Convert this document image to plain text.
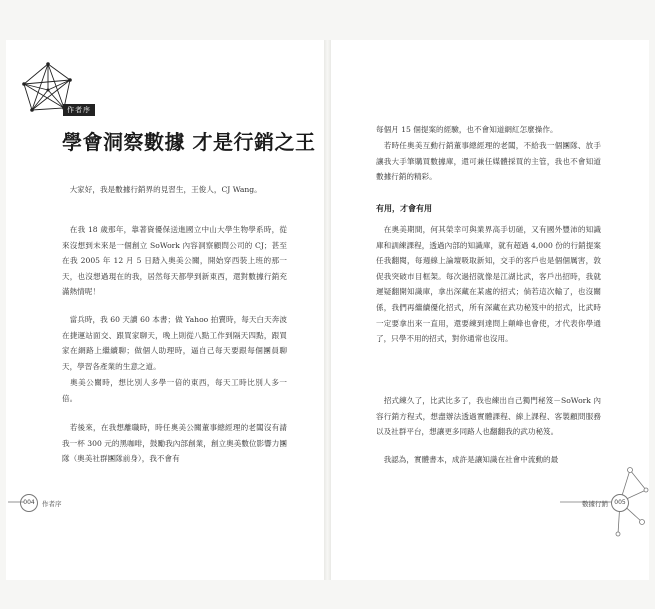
作者序
學會洞察數據 才是行銷之王

　大家好，我是數據行銷界的見習生，王俊人，CJ Wang。

　在我 18 歲那年，靠著資優保送進國立中山大學生物學系時，從來沒想到未來是一個創立 SoWork 內容洞察顧問公司的 CJ；甚至在我 2005 年 12 月 5 日踏入奧美公關，開始穿西裝上班的那一天，也沒想過現在的我，居然每天都學到新東西，還對數據行銷充滿熱情呢！

　當兵時，我 60 天讀 60 本書；做 Yahoo 拍賣時，每天白天奔波在捷運站面交、跟買家聊天，晚上則從八點工作到隔天四點，跟買家在網路上繼續聊；做個人助理時，逼自己每天要跟每個團員聊天，學習各產業的生意之道。

　奧美公關時，想比別人多學一倍的東西，每天工時比別人多一倍。

　若後來，在我想離職時，時任奧美公關董事總經理的老闆沒有請我一杯 300 元的黑咖啡，鼓勵我內部創業，創立奧美數位影響力團隊（奧美社群團隊前身），我不會有

004	作者序

每個月 15 個提案的經驗，也不會知道網紅怎麼操作。

　若時任奧美互動行銷董事總經理的老闆，不給我一個團隊、放手讓我大手筆購買數據庫，還可兼任媒體採買的主管，我也不會知道數據行銷的精彩。

有用，才會有用

　在奧美期間，何其榮幸可與業界高手切磋，又有國外豐沛的知識庫和訓練課程，透過內部的知識庫，就有超過 4,000 份的行銷提案任我翻閱，每週線上論壇吸取新知，交手的客戶也是個個厲害，敦促我突破市目框架。每次過招就像是江湖比武，客戶出招時，我就遲疑翻開知識庫，拿出深藏在某處的招式；倘若這次輸了，也沒關係，我們再繼續優化招式，所有深藏在武功秘笈中的招式，比武時一定要拿出來一直用，還要練到達問上顛峰也會使，才代表你學通了，只學不用的招式，對你通常也沒用。

　招式練久了，比武比多了，我也練出自己獨門秘笈－SoWork 內容行銷方程式，想盡辦法透過實體課程、線上課程、客製顧問服務以及社群平台，想讓更多同路人也翻翻我的武功秘笈。

　我認為，實體書本，成許是讓知識在社會中流動的最

數據行銷	005
